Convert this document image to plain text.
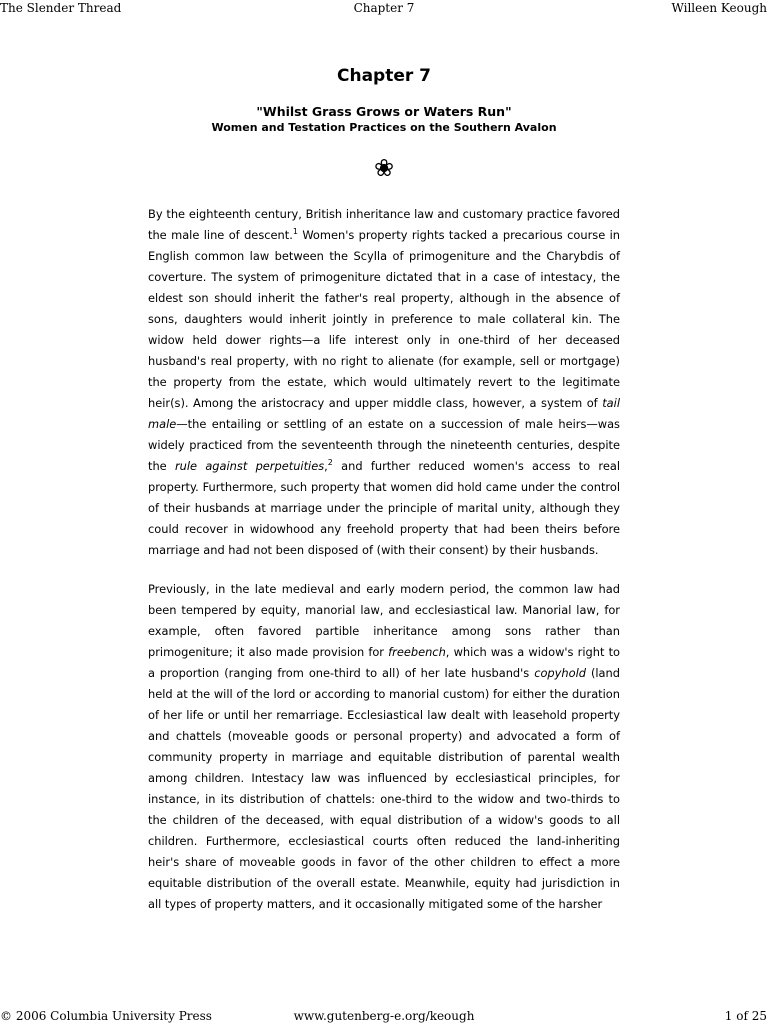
The Slender Thread	Chapter 7	Willeen Keough
Chapter 7
"Whilst Grass Grows or Waters Run"
Women and Testation Practices on the Southern Avalon
❀

By the eighteenth century, British inheritance law and customary practice favored the male line of descent.$^1$ Women's property rights tacked a precarious course in English common law between the Scylla of primogeniture and the Charybdis of coverture. The system of primogeniture dictated that in a case of intestacy, the eldest son should inherit the father's real property, although in the absence of sons, daughters would inherit jointly in preference to male collateral kin. The widow held dower rights—a life interest only in one-third of her deceased husband's real property, with no right to alienate (for example, sell or mortgage) the property from the estate, which would ultimately revert to the legitimate heir(s). Among the aristocracy and upper middle class, however, a system of tail male—the entailing or settling of an estate on a succession of male heirs—was widely practiced from the seventeenth through the nineteenth centuries, despite the rule against perpetuities,$^2$ and further reduced women's access to real property. Furthermore, such property that women did hold came under the control of their husbands at marriage under the principle of marital unity, although they could recover in widowhood any freehold property that had been theirs before marriage and had not been disposed of (with their consent) by their husbands.

Previously, in the late medieval and early modern period, the common law had been tempered by equity, manorial law, and ecclesiastical law. Manorial law, for example, often favored partible inheritance among sons rather than primogeniture; it also made provision for freebench, which was a widow's right to a proportion (ranging from one-third to all) of her late husband's copyhold (land held at the will of the lord or according to manorial custom) for either the duration of her life or until her remarriage. Ecclesiastical law dealt with leasehold property and chattels (moveable goods or personal property) and advocated a form of community property in marriage and equitable distribution of parental wealth among children. Intestacy law was influenced by ecclesiastical principles, for instance, in its distribution of chattels: one-third to the widow and two-thirds to the children of the deceased, with equal distribution of a widow's goods to all children. Furthermore, ecclesiastical courts often reduced the land-inheriting heir's share of moveable goods in favor of the other children to effect a more equitable distribution of the overall estate. Meanwhile, equity had jurisdiction in all types of property matters, and it occasionally mitigated some of the harsher

© 2006 Columbia University Press	www.gutenberg-e.org/keough	1 of 25
